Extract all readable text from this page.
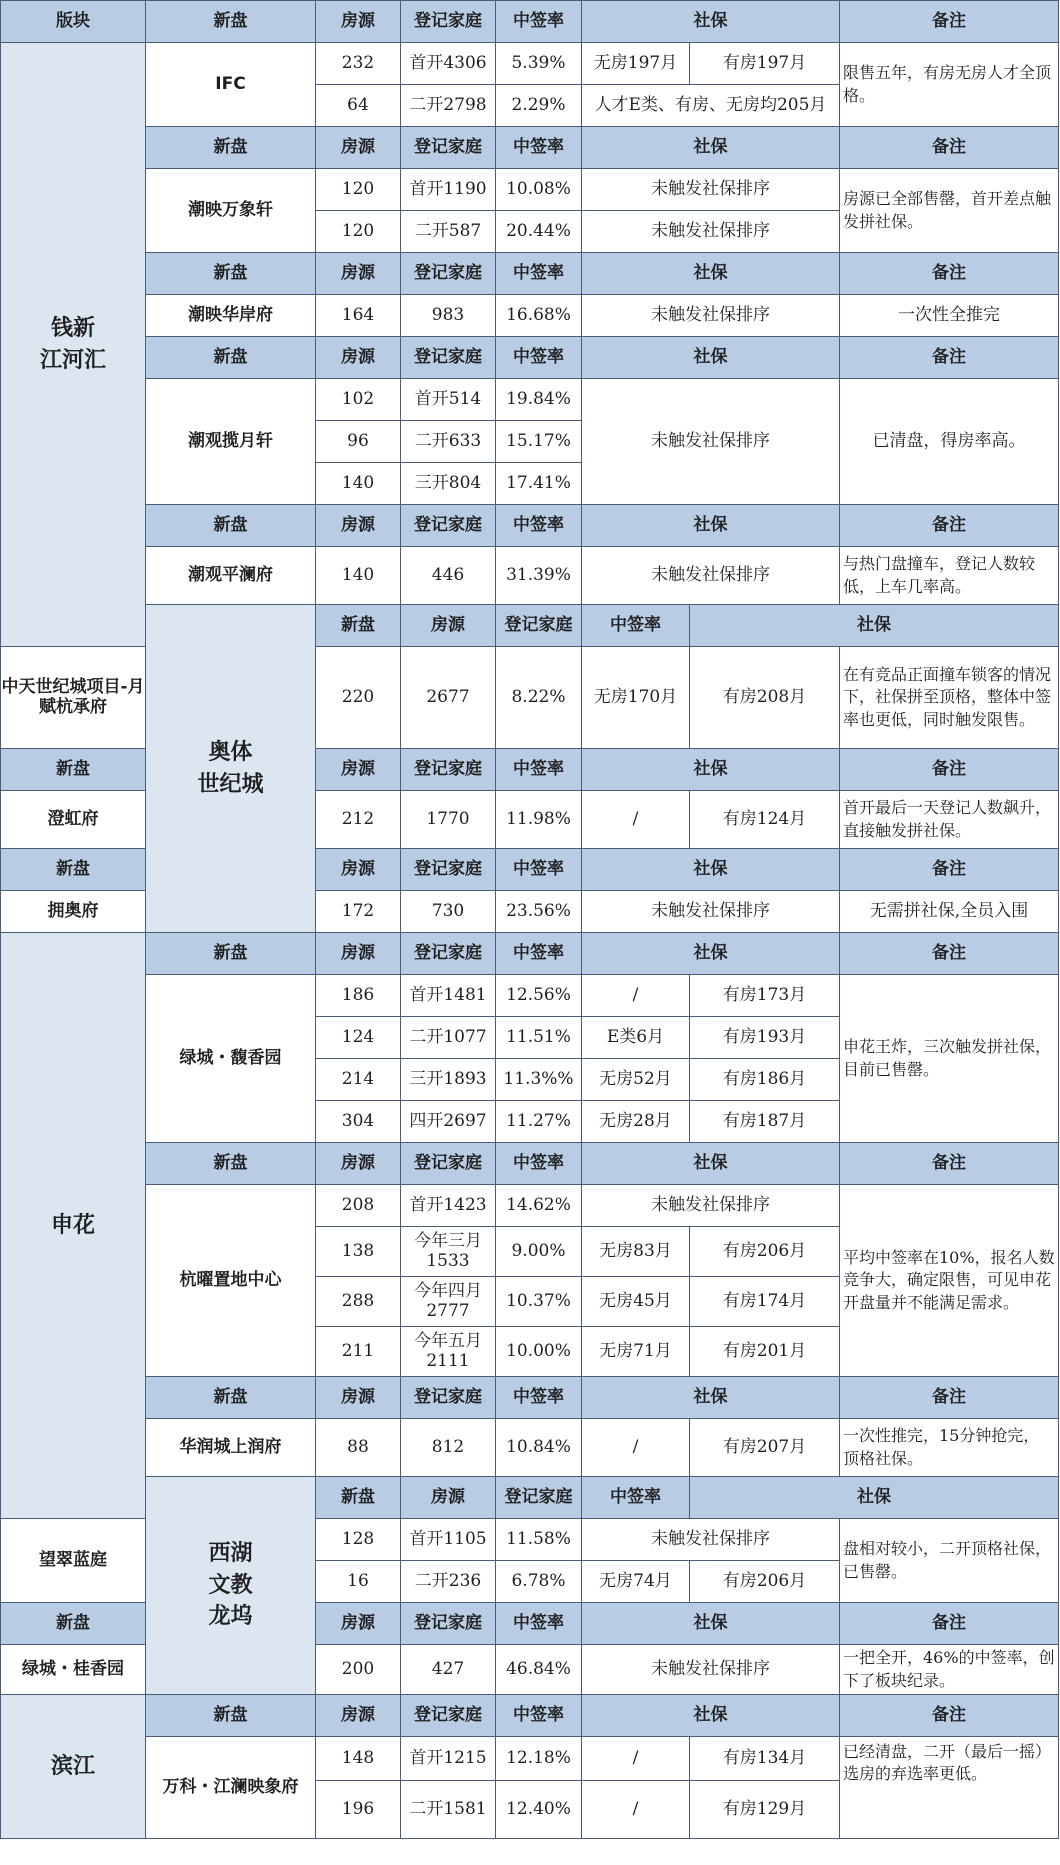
版块	新盘	房源	登记家庭	中签率	社保		备注	

钱新
江河汇	IFC	232	首开4306	5.39%	无房197月	有房197月	限售五年，有房无房人才全顶格。	
		64	二开2798	2.29%	人才E类、有房、无房均205月			
	新盘	房源	登记家庭	中签率	社保		备注	
	潮映万象轩	120	首开1190	10.08%	未触发社保排序		房源已全部售罄，首开差点触发拼社保。	
		120	二开587	20.44%	未触发社保排序			
	新盘	房源	登记家庭	中签率	社保		备注	
	潮映华岸府	164	983	16.68%	未触发社保排序		一次性全推完	
	新盘	房源	登记家庭	中签率	社保		备注	
	潮观揽月轩	102	首开514	19.84%	未触发社保排序		已清盘，得房率高。	
		96	二开633	15.17%				
		140	三开804	17.41%				
	新盘	房源	登记家庭	中签率	社保		备注	
	潮观平澜府	140	446	31.39%	未触发社保排序		与热门盘撞车，登记人数较低，上车几率高。	

	奥体
世纪城	新盘	房源	登记家庭	中签率	社保	
中天世纪城项目-月赋杭承府		220	2677	8.22%	无房170月	有房208月	在有竞品正面撞车锁客的情况下，社保拼至顶格，整体中签率也更低，同时触发限售。	
新盘		房源	登记家庭	中签率	社保		备注	
澄虹府		212	1770	11.98%	/	有房124月	首开最后一天登记人数飙升，直接触发拼社保。	
新盘		房源	登记家庭	中签率	社保		备注	
拥奥府		172	730	23.56%	未触发社保排序		无需拼社保,全员入围	
申花	新盘	房源	登记家庭	中签率	社保		备注	
	绿城・馥香园	186	首开1481	12.56%	/	有房173月	申花王炸，三次触发拼社保，目前已售罄。	
		124	二开1077	11.51%	E类6月	有房193月		
		214	三开1893	11.3%%	无房52月	有房186月		
		304	四开2697	11.27%	无房28月	有房187月		
	新盘	房源	登记家庭	中签率	社保		备注	
	杭曜置地中心	208	首开1423	14.62%	未触发社保排序		平均中签率在10%，报名人数竞争大，确定限售，可见申花开盘量并不能满足需求。	
		138	今年三月1533	9.00%	无房83月	有房206月		
		288	今年四月2777	10.37%	无房45月	有房174月		
		211	今年五月2111	10.00%	无房71月	有房201月		
	新盘	房源	登记家庭	中签率	社保		备注	
	华润城上润府	88	812	10.84%	/	有房207月	一次性推完，15分钟抢完，顶格社保。	

	西湖
文教
龙坞	新盘	房源	登记家庭	中签率	社保	
望翠蓝庭		128	首开1105	11.58%	未触发社保排序		盘相对较小，二开顶格社保，已售罄。	
		16	二开236	6.78%	无房74月	有房206月		
新盘		房源	登记家庭	中签率	社保		备注	
绿城・桂香园		200	427	46.84%	未触发社保排序		一把全开，46%的中签率，创下了板块纪录。	
滨江	新盘	房源	登记家庭	中签率	社保		备注	
	万科・江澜映象府	148	首开1215	12.18%	/	有房134月	已经清盘，二开（最后一摇）选房的弃选率更低。	
		196	二开1581	12.40%	/	有房129月		
